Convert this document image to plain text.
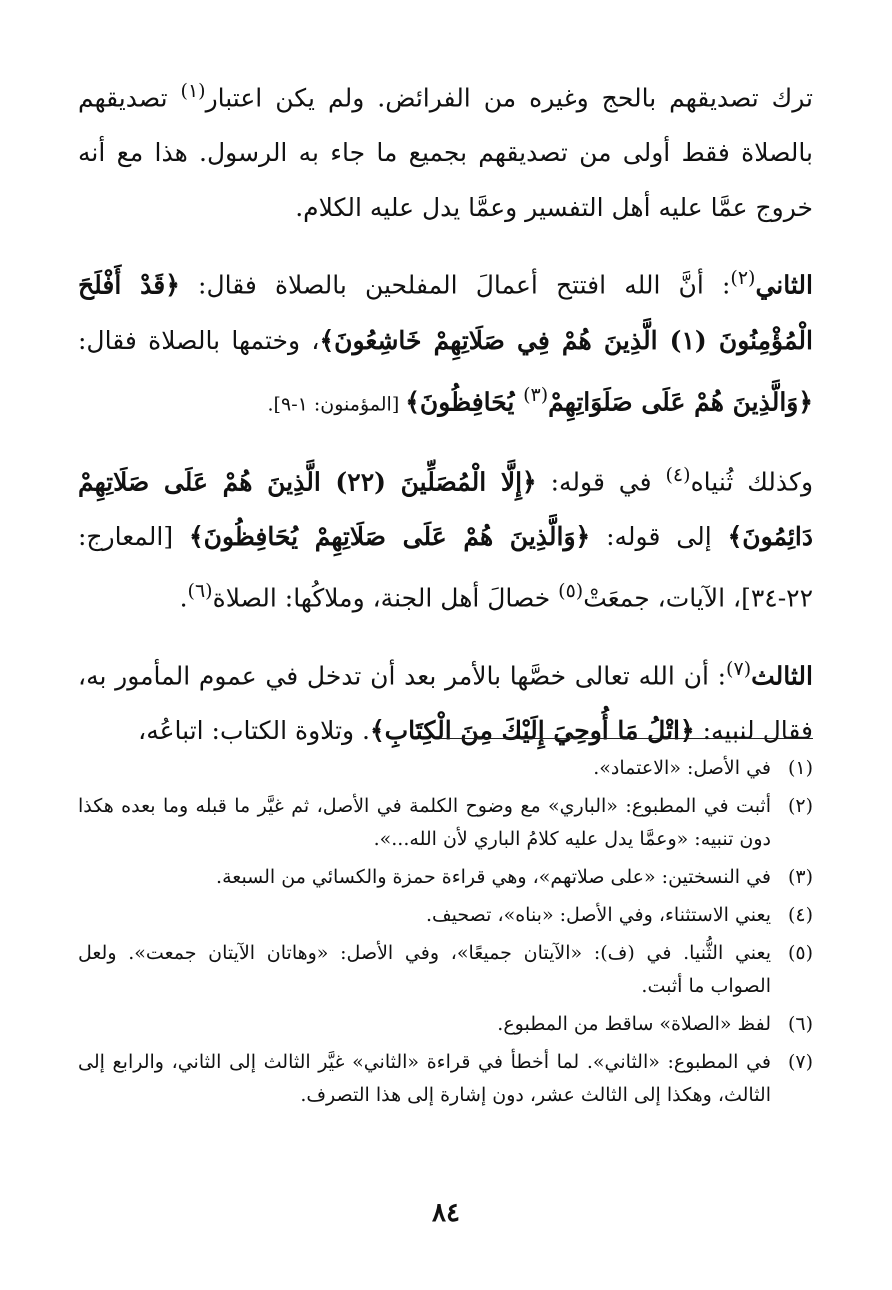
ترك تصديقهم بالحج وغيره من الفرائض. ولم يكن اعتبار$^{(١)}$ تصديقهم بالصلاة فقط أولى من تصديقهم بجميع ما جاء به الرسول. هذا مع أنه خروج عمَّا عليه أهل التفسير وعمَّا يدل عليه الكلام.

الثاني$^{(٢)}$: أنَّ الله افتتح أعمالَ المفلحين بالصلاة فقال: ﴿قَدْ أَفْلَحَ الْمُؤْمِنُونَ (١) الَّذِينَ هُمْ فِي صَلَاتِهِمْ خَاشِعُونَ﴾، وختمها بالصلاة فقال: ﴿وَالَّذِينَ هُمْ عَلَى صَلَوَاتِهِمْ$^{(٣)}$ يُحَافِظُونَ﴾ [المؤمنون: ١-٩].

وكذلك ثُنياه$^{(٤)}$ في قوله: ﴿إِلَّا الْمُصَلِّينَ (٢٢) الَّذِينَ هُمْ عَلَى صَلَاتِهِمْ دَائِمُونَ﴾ إلى قوله: ﴿وَالَّذِينَ هُمْ عَلَى صَلَاتِهِمْ يُحَافِظُونَ﴾ [المعارج: ٢٢-٣٤]، الآيات، جمعَتْ$^{(٥)}$ خصالَ أهل الجنة، وملاكُها: الصلاة$^{(٦)}$.

الثالث$^{(٧)}$: أن الله تعالى خصَّها بالأمر بعد أن تدخل في عموم المأمور به، فقال لنبيه: ﴿اتْلُ مَا أُوحِيَ إِلَيْكَ مِنَ الْكِتَابِ﴾. وتلاوة الكتاب: اتباعُه،

(١)
في الأصل: «الاعتماد».
(٢)
أثبت في المطبوع: «الباري» مع وضوح الكلمة في الأصل، ثم غيَّر ما قبله وما بعده هكذا دون تنبيه: «وعمَّا يدل عليه كلامُ الباري لأن الله...».
(٣)
في النسختين: «على صلاتهم»، وهي قراءة حمزة والكسائي من السبعة.
(٤)
يعني الاستثناء، وفي الأصل: «بناه»، تصحيف.
(٥)
يعني الثُّنيا. في (ف): «الآيتان جميعًا»، وفي الأصل: «وهاتان الآيتان جمعت». ولعل الصواب ما أثبت.
(٦)
لفظ «الصلاة» ساقط من المطبوع.
(٧)
في المطبوع: «الثاني». لما أخطأ في قراءة «الثاني» غيَّر الثالث إلى الثاني، والرابع إلى الثالث، وهكذا إلى الثالث عشر، دون إشارة إلى هذا التصرف.
٨٤
